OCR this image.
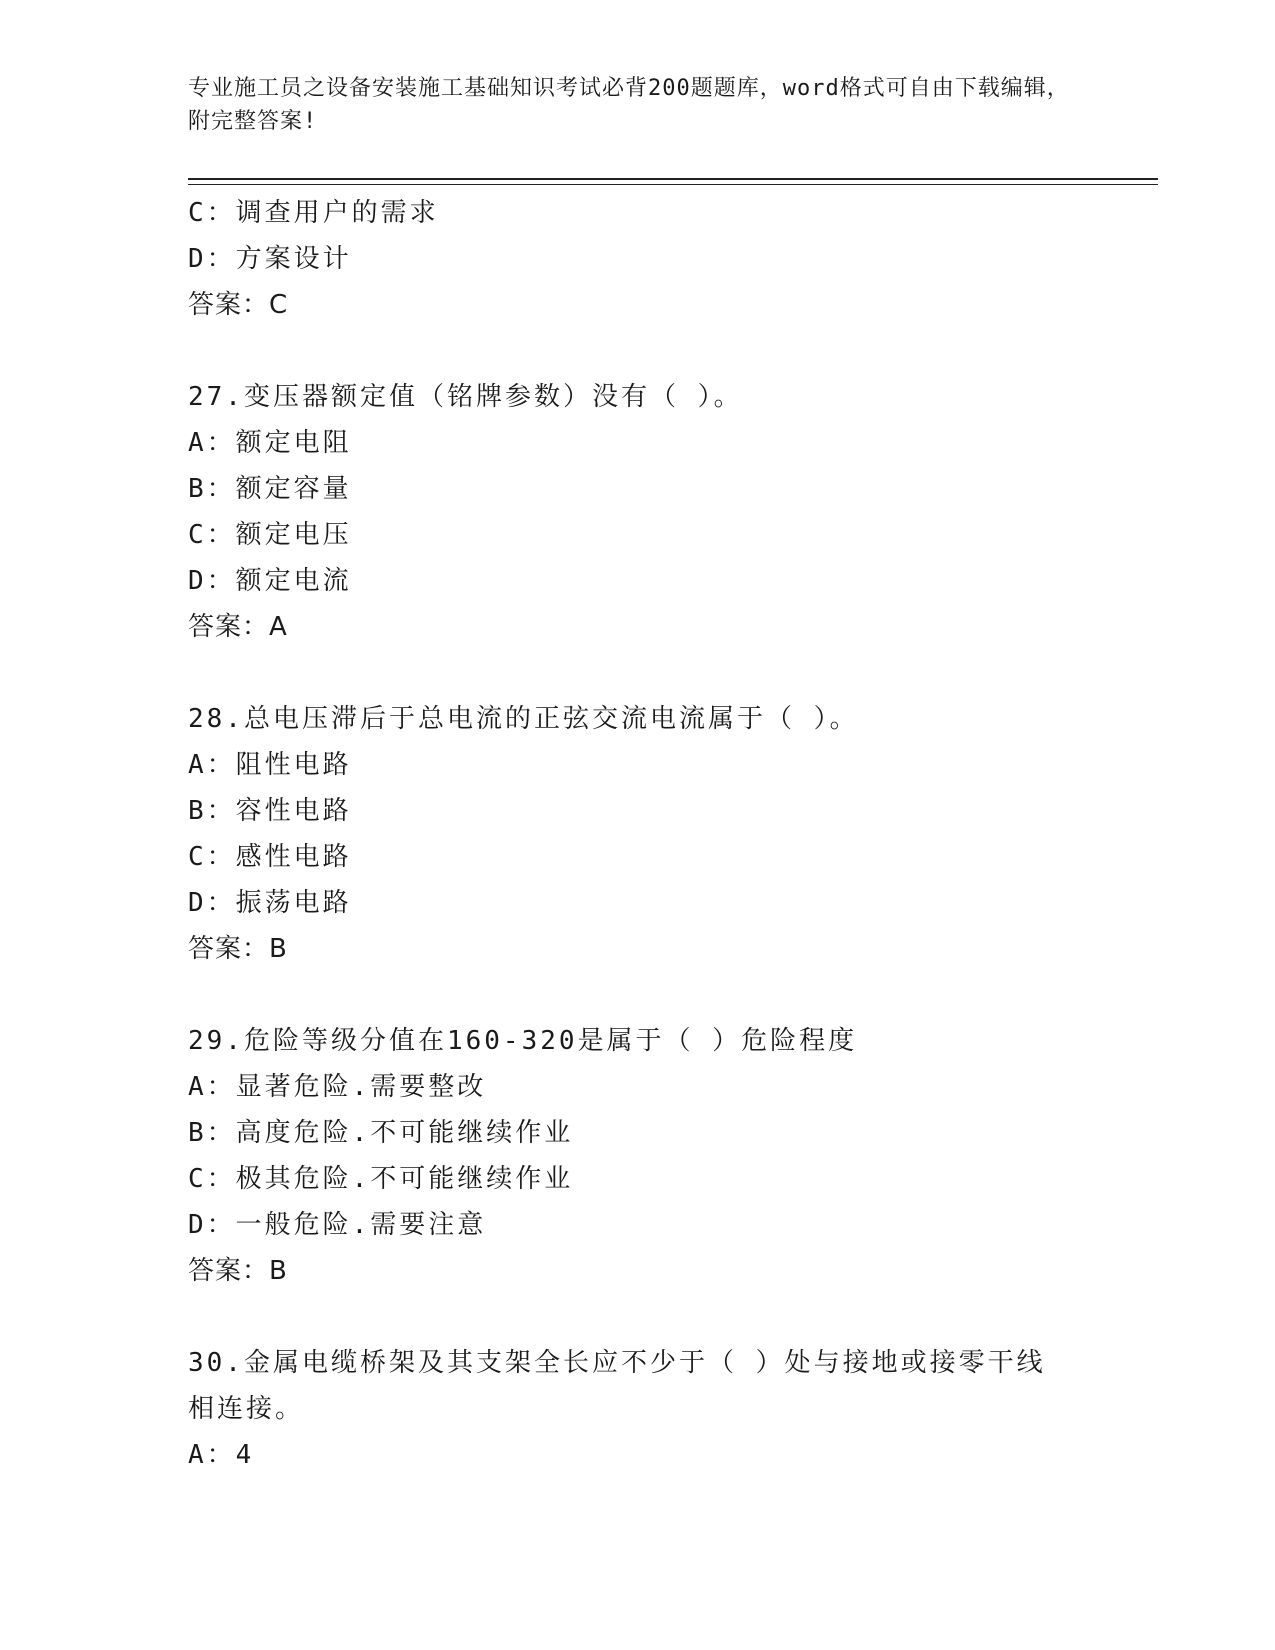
专业施工员之设备安装施工基础知识考试必背200题题库，word格式可自由下载编辑，附完整答案!
C：调查用户的需求
D：方案设计
答案：C
27.变压器额定值（铭牌参数）没有（ ）。
A：额定电阻
B：额定容量
C：额定电压
D：额定电流
答案：A
28.总电压滞后于总电流的正弦交流电流属于（ ）。
A：阻性电路
B：容性电路
C：感性电路
D：振荡电路
答案：B
29.危险等级分值在160-320是属于（ ）危险程度
A：显著危险.需要整改
B：高度危险.不可能继续作业
C：极其危险.不可能继续作业
D：一般危险.需要注意
答案：B
30.金属电缆桥架及其支架全长应不少于（ ）处与接地或接零干线相连接。
A：4
